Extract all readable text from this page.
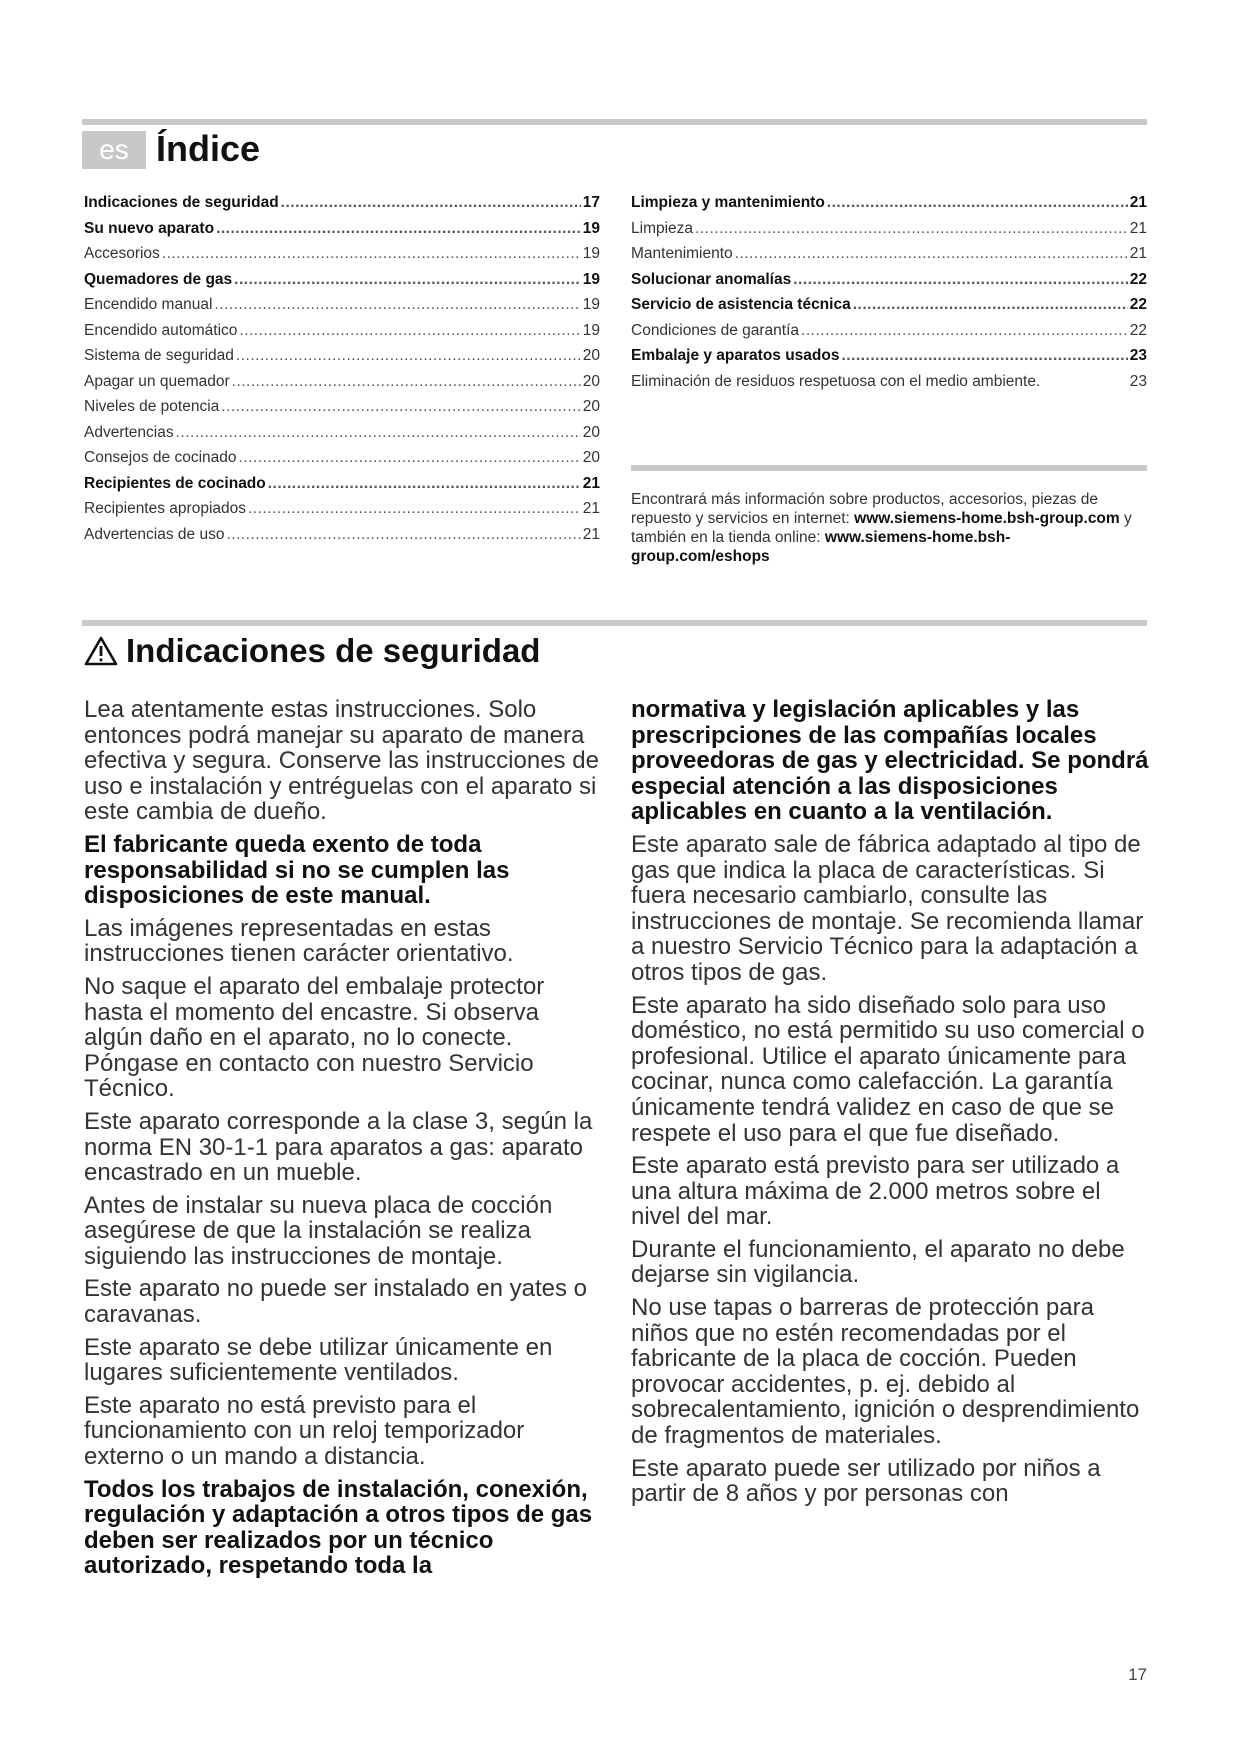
es Índice
Indicaciones de seguridad .....	17
Su nuevo aparato .....	19
Accesorios .....	19
Quemadores de gas .....	19
Encendido manual .....	19
Encendido automático .....	19
Sistema de seguridad .....	20
Apagar un quemador .....	20
Niveles de potencia .....	20
Advertencias .....	20
Consejos de cocinado .....	20
Recipientes de cocinado .....	21
Recipientes apropiados .....	21
Advertencias de uso .....	21
Limpieza y mantenimiento .....	21
Limpieza .....	21
Mantenimiento .....	21
Solucionar anomalías .....	22
Servicio de asistencia técnica .....	22
Condiciones de garantía .....	22
Embalaje y aparatos usados .....	23
Eliminación de residuos respetuosa con el medio ambiente.	23
Encontrará más información sobre productos, accesorios, piezas de repuesto y servicios en internet: www.siemens-home.bsh-group.com y también en la tienda online: www.siemens-home.bsh-group.com/eshops
Indicaciones de seguridad

Lea atentamente estas instrucciones. Solo entonces podrá manejar su aparato de manera efectiva y segura. Conserve las instrucciones de uso e instalación y entréguelas con el aparato si este cambia de dueño.

El fabricante queda exento de toda responsabilidad si no se cumplen las disposiciones de este manual.

Las imágenes representadas en estas instrucciones tienen carácter orientativo.

No saque el aparato del embalaje protector hasta el momento del encastre. Si observa algún daño en el aparato, no lo conecte. Póngase en contacto con nuestro Servicio Técnico.

Este aparato corresponde a la clase 3, según la norma EN 30-1-1 para aparatos a gas: aparato encastrado en un mueble.

Antes de instalar su nueva placa de cocción asegúrese de que la instalación se realiza siguiendo las instrucciones de montaje.

Este aparato no puede ser instalado en yates o caravanas.

Este aparato se debe utilizar únicamente en lugares suficientemente ventilados.

Este aparato no está previsto para el funcionamiento con un reloj temporizador externo o un mando a distancia.

Todos los trabajos de instalación, conexión, regulación y adaptación a otros tipos de gas deben ser realizados por un técnico autorizado, respetando toda la

normativa y legislación aplicables y las prescripciones de las compañías locales proveedoras de gas y electricidad. Se pondrá especial atención a las disposiciones aplicables en cuanto a la ventilación.

Este aparato sale de fábrica adaptado al tipo de gas que indica la placa de características. Si fuera necesario cambiarlo, consulte las instrucciones de montaje. Se recomienda llamar a nuestro Servicio Técnico para la adaptación a otros tipos de gas.

Este aparato ha sido diseñado solo para uso doméstico, no está permitido su uso comercial o profesional. Utilice el aparato únicamente para cocinar, nunca como calefacción. La garantía únicamente tendrá validez en caso de que se respete el uso para el que fue diseñado.

Este aparato está previsto para ser utilizado a una altura máxima de 2.000 metros sobre el nivel del mar.

Durante el funcionamiento, el aparato no debe dejarse sin vigilancia.

No use tapas o barreras de protección para niños que no estén recomendadas por el fabricante de la placa de cocción. Pueden provocar accidentes, p. ej. debido al sobrecalentamiento, ignición o desprendimiento de fragmentos de materiales.

Este aparato puede ser utilizado por niños a partir de 8 años y por personas con

17
